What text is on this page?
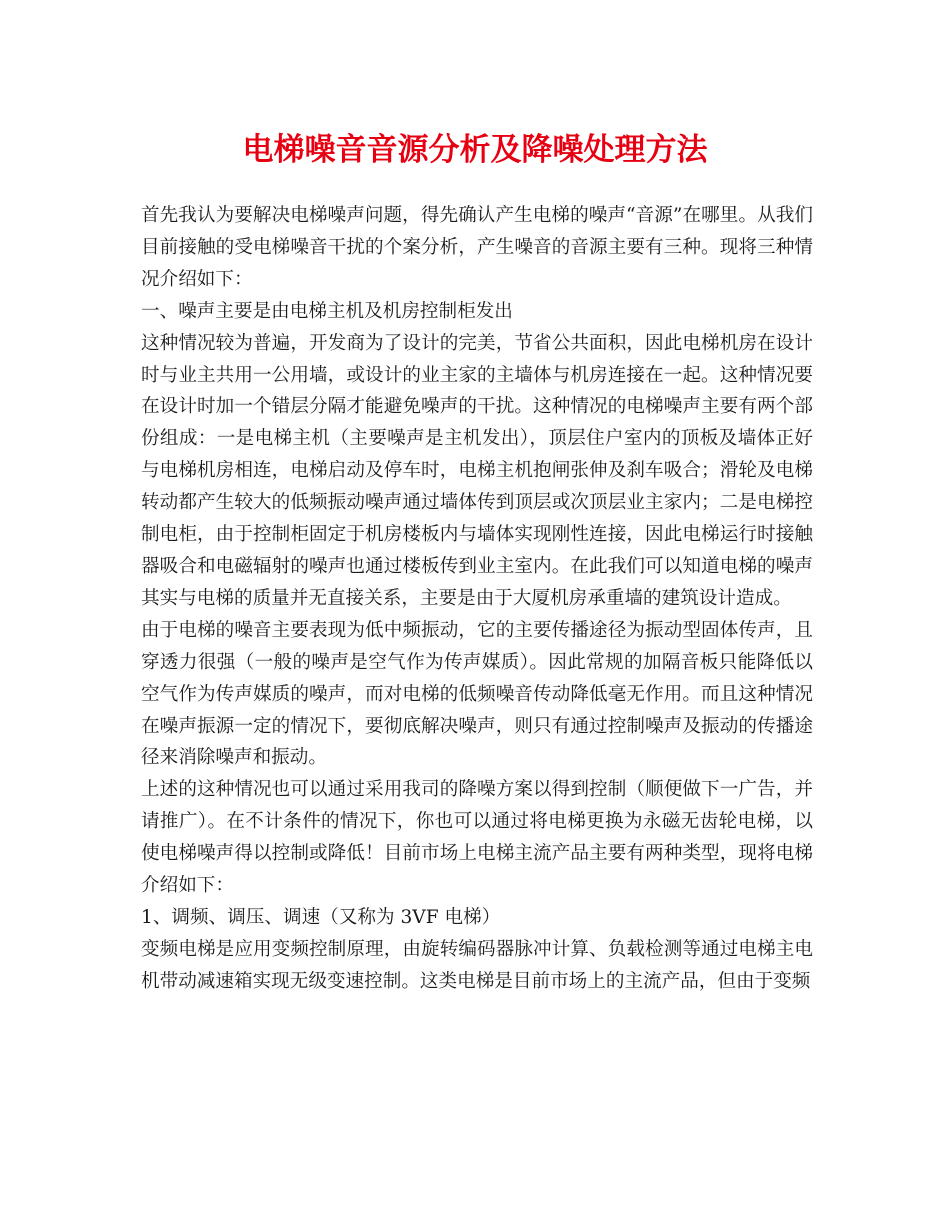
电梯噪音音源分析及降噪处理方法

首先我认为要解决电梯噪声问题，得先确认产生电梯的噪声“音源”在哪里。从我们目前接触的受电梯噪音干扰的个案分析，产生噪音的音源主要有三种。现将三种情况介绍如下：

一、噪声主要是由电梯主机及机房控制柜发出

这种情况较为普遍，开发商为了设计的完美，节省公共面积，因此电梯机房在设计时与业主共用一公用墙，或设计的业主家的主墙体与机房连接在一起。这种情况要在设计时加一个错层分隔才能避免噪声的干扰。这种情况的电梯噪声主要有两个部份组成：一是电梯主机（主要噪声是主机发出），顶层住户室内的顶板及墙体正好与电梯机房相连，电梯启动及停车时，电梯主机抱闸张伸及刹车吸合；滑轮及电梯转动都产生较大的低频振动噪声通过墙体传到顶层或次顶层业主家内；二是电梯控制电柜，由于控制柜固定于机房楼板内与墙体实现刚性连接，因此电梯运行时接触器吸合和电磁辐射的噪声也通过楼板传到业主室内。在此我们可以知道电梯的噪声其实与电梯的质量并无直接关系，主要是由于大厦机房承重墙的建筑设计造成。

由于电梯的噪音主要表现为低中频振动，它的主要传播途径为振动型固体传声，且穿透力很强（一般的噪声是空气作为传声媒质）。因此常规的加隔音板只能降低以空气作为传声媒质的噪声，而对电梯的低频噪音传动降低毫无作用。而且这种情况在噪声振源一定的情况下，要彻底解决噪声，则只有通过控制噪声及振动的传播途径来消除噪声和振动。

上述的这种情况也可以通过采用我司的降噪方案以得到控制（顺便做下一广告，并请推广）。在不计条件的情况下，你也可以通过将电梯更换为永磁无齿轮电梯，以使电梯噪声得以控制或降低！目前市场上电梯主流产品主要有两种类型，现将电梯介绍如下：

1、调频、调压、调速（又称为 3VF 电梯）

变频电梯是应用变频控制原理，由旋转编码器脉冲计算、负载检测等通过电梯主电机带动减速箱实现无级变速控制。这类电梯是目前市场上的主流产品，但由于变频
